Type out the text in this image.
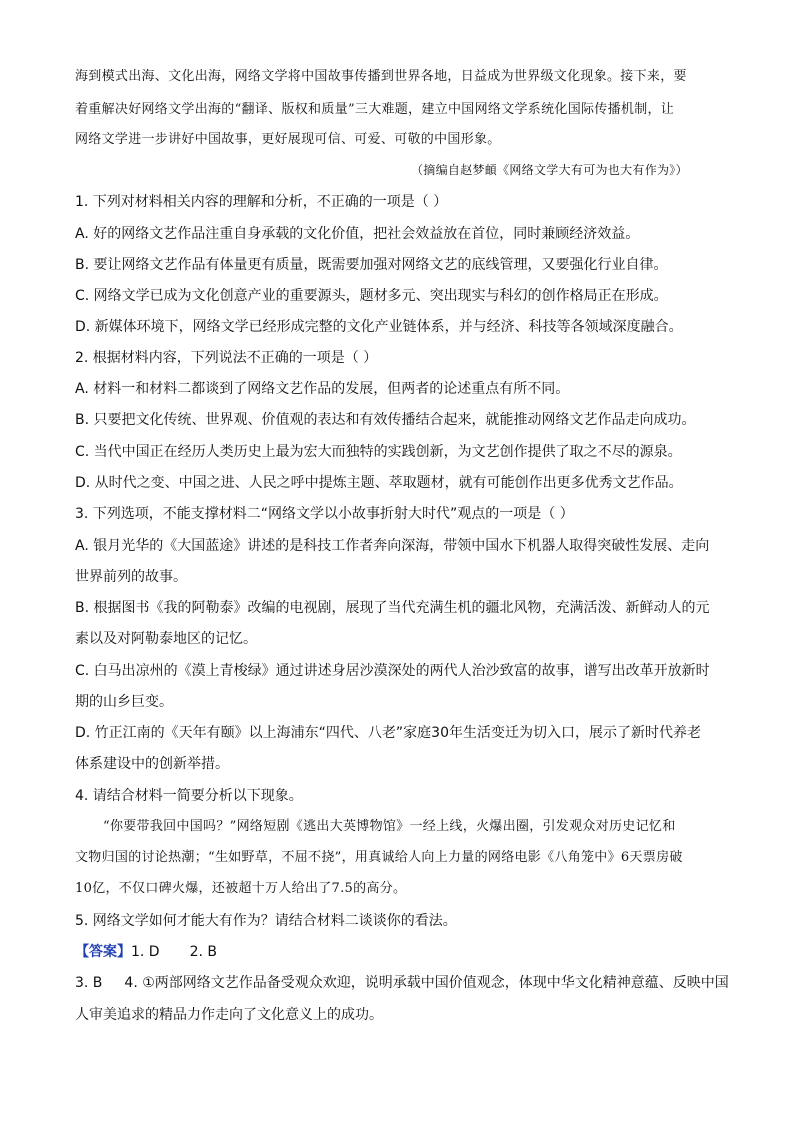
海到模式出海、文化出海，网络文学将中国故事传播到世界各地，日益成为世界级文化现象。接下来，要
着重解决好网络文学出海的“翻译、版权和质量”三大难题，建立中国网络文学系统化国际传播机制，让
网络文学进一步讲好中国故事，更好展现可信、可爱、可敬的中国形象。
（摘编自赵梦頔《网络文学大有可为也大有作为》）
1. 下列对材料相关内容的理解和分析，不正确的一项是（ ）
A. 好的网络文艺作品注重自身承载的文化价值，把社会效益放在首位，同时兼顾经济效益。
B. 要让网络文艺作品有体量更有质量，既需要加强对网络文艺的底线管理，又要强化行业自律。
C. 网络文学已成为文化创意产业的重要源头，题材多元、突出现实与科幻的创作格局正在形成。
D. 新媒体环境下，网络文学已经形成完整的文化产业链体系，并与经济、科技等各领域深度融合。
2. 根据材料内容，下列说法不正确的一项是（ ）
A. 材料一和材料二都谈到了网络文艺作品的发展，但两者的论述重点有所不同。
B. 只要把文化传统、世界观、价值观的表达和有效传播结合起来，就能推动网络文艺作品走向成功。
C. 当代中国正在经历人类历史上最为宏大而独特的实践创新，为文艺创作提供了取之不尽的源泉。
D. 从时代之变、中国之进、人民之呼中提炼主题、萃取题材，就有可能创作出更多优秀文艺作品。
3. 下列选项，不能支撑材料二“网络文学以小故事折射大时代”观点的一项是（ ）
A. 银月光华的《大国蓝途》讲述的是科技工作者奔向深海，带领中国水下机器人取得突破性发展、走向
世界前列的故事。
B. 根据图书《我的阿勒泰》改编的电视剧，展现了当代充满生机的疆北风物，充满活泼、新鲜动人的元
素以及对阿勒泰地区的记忆。
C. 白马出凉州的《漠上青梭绿》通过讲述身居沙漠深处的两代人治沙致富的故事，谱写出改革开放新时
期的山乡巨变。
D. 竹正江南的《天年有颐》以上海浦东“四代、八老”家庭30年生活变迁为切入口，展示了新时代养老
体系建设中的创新举措。
4. 请结合材料一简要分析以下现象。
“你要带我回中国吗？”网络短剧《逃出大英博物馆》一经上线，火爆出圈，引发观众对历史记忆和
文物归国的讨论热潮；“生如野草，不屈不挠”，用真诚给人向上力量的网络电影《八角笼中》6天票房破
10亿，不仅口碑火爆，还被超十万人给出了7.5的高分。
5. 网络文学如何才能大有作为？请结合材料二谈谈你的看法。
【答案】1. D 2. B
3. B 4. ①两部网络文艺作品备受观众欢迎，说明承载中国价值观念，体现中华文化精神意蕴、反映中国
人审美追求的精品力作走向了文化意义上的成功。
